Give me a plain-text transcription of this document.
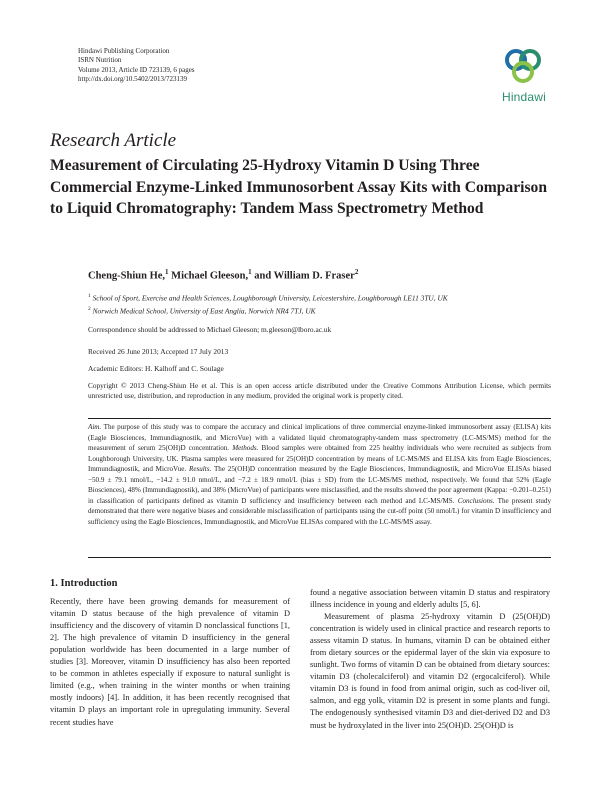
Hindawi Publishing Corporation
ISRN Nutrition
Volume 2013, Article ID 723139, 6 pages
http://dx.doi.org/10.5402/2013/723139
Hindawi
Research Article
Measurement of Circulating 25-Hydroxy Vitamin D Using Three Commercial Enzyme-Linked Immunosorbent Assay Kits with Comparison to Liquid Chromatography: Tandem Mass Spectrometry Method
Cheng-Shiun He,$^1$ Michael Gleeson,$^1$ and William D. Fraser$^2$
$^1$ School of Sport, Exercise and Health Sciences, Loughborough University, Leicestershire, Loughborough LE11 3TU, UK
$^2$ Norwich Medical School, University of East Anglia, Norwich NR4 7TJ, UK
Correspondence should be addressed to Michael Gleeson; m.gleeson@lboro.ac.uk
Received 26 June 2013; Accepted 17 July 2013
Academic Editors: H. Kalhoff and C. Soulage
Copyright © 2013 Cheng-Shiun He et al. This is an open access article distributed under the Creative Commons Attribution License, which permits unrestricted use, distribution, and reproduction in any medium, provided the original work is properly cited.
Aim. The purpose of this study was to compare the accuracy and clinical implications of three commercial enzyme-linked immunosorbent assay (ELISA) kits (Eagle Biosciences, Immundiagnostik, and MicroVue) with a validated liquid chromatography-tandem mass spectrometry (LC-MS/MS) method for the measurement of serum 25(OH)D concentration. Methods. Blood samples were obtained from 225 healthy individuals who were recruited as subjects from Loughborough University, UK. Plasma samples were measured for 25(OH)D concentration by means of LC-MS/MS and ELISA kits from Eagle Biosciences, Immundiagnostik, and MicroVue. Results. The 25(OH)D concentration measured by the Eagle Biosciences, Immundiagnostik, and MicroVue ELISAs biased −50.9 ± 79.1 nmol/L, −14.2 ± 91.0 nmol/L, and −7.2 ± 18.9 nmol/L (bias ± SD) from the LC-MS/MS method, respectively. We found that 52% (Eagle Biosciences), 48% (Immundiagnostik), and 38% (MicroVue) of participants were misclassified, and the results showed the poor agreement (Kappa: −0.201–0.251) in classification of participants defined as vitamin D sufficiency and insufficiency between each method and LC-MS/MS. Conclusions. The present study demonstrated that there were negative biases and considerable misclassification of participants using the cut-off point (50 nmol/L) for vitamin D insufficiency and sufficiency using the Eagle Biosciences, Immundiagnostik, and MicroVue ELISAs compared with the LC-MS/MS assay.
1. Introduction

Recently, there have been growing demands for measurement of vitamin D status because of the high prevalence of vitamin D insufficiency and the discovery of vitamin D nonclassical functions [1, 2]. The high prevalence of vitamin D insufficiency in the general population worldwide has been documented in a large number of studies [3]. Moreover, vitamin D insufficiency has also been reported to be common in athletes especially if exposure to natural sunlight is limited (e.g., when training in the winter months or when training mostly indoors) [4]. In addition, it has been recently recognised that vitamin D plays an important role in upregulating immunity. Several recent studies have

found a negative association between vitamin D status and respiratory illness incidence in young and elderly adults [5, 6].

Measurement of plasma 25-hydroxy vitamin D (25(OH)D) concentration is widely used in clinical practice and research reports to assess vitamin D status. In humans, vitamin D can be obtained either from dietary sources or the epidermal layer of the skin via exposure to sunlight. Two forms of vitamin D can be obtained from dietary sources: vitamin D3 (cholecalciferol) and vitamin D2 (ergocalciferol). While vitamin D3 is found in food from animal origin, such as cod-liver oil, salmon, and egg yolk, vitamin D2 is present in some plants and fungi. The endogenously synthesised vitamin D3 and diet-derived D2 and D3 must be hydroxylated in the liver into 25(OH)D. 25(OH)D is
